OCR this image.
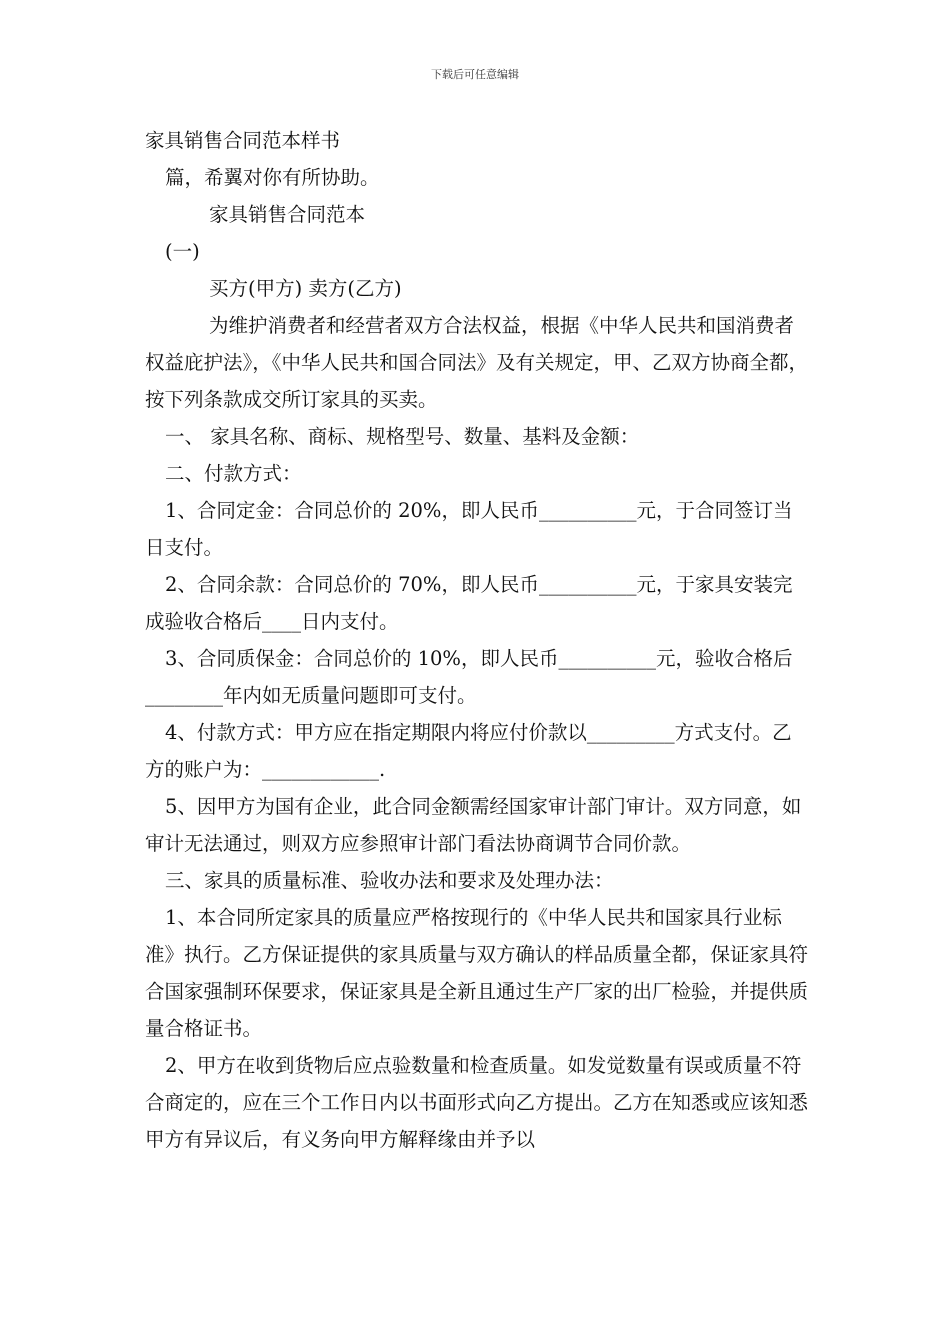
下载后可任意编辑

家具销售合同范本样书

篇，希翼对你有所协助。

家具销售合同范本

(一)

买方(甲方) 卖方(乙方)

为维护消费者和经营者双方合法权益，根据《中华人民共和国消费者权益庇护法》，《中华人民共和国合同法》及有关规定，甲、乙双方协商全都，按下列条款成交所订家具的买卖。

一、 家具名称、商标、规格型号、数量、基料及金额：

二、付款方式：

1、合同定金：合同总价的 20%，即人民币__________元，于合同签订当日支付。

2、合同余款：合同总价的 70%，即人民币__________元，于家具安装完成验收合格后____日内支付。

3、合同质保金：合同总价的 10%，即人民币__________元，验收合格后________年内如无质量问题即可支付。

4、付款方式：甲方应在指定期限内将应付价款以_________方式支付。乙方的账户为：____________.

5、因甲方为国有企业，此合同金额需经国家审计部门审计。双方同意，如审计无法通过，则双方应参照审计部门看法协商调节合同价款。

三、家具的质量标准、验收办法和要求及处理办法：

1、本合同所定家具的质量应严格按现行的《中华人民共和国家具行业标准》执行。乙方保证提供的家具质量与双方确认的样品质量全都，保证家具符合国家强制环保要求，保证家具是全新且通过生产厂家的出厂检验，并提供质量合格证书。

2、甲方在收到货物后应点验数量和检查质量。如发觉数量有误或质量不符合商定的，应在三个工作日内以书面形式向乙方提出。乙方在知悉或应该知悉甲方有异议后，有义务向甲方解释缘由并予以
